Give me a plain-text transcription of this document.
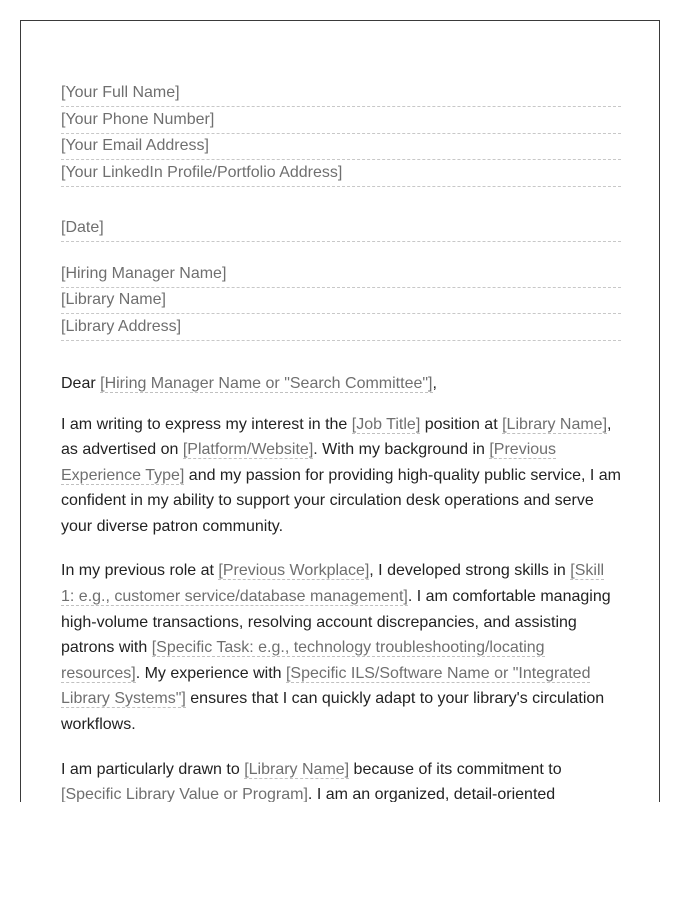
[Your Full Name]
[Your Phone Number]
[Your Email Address]
[Your LinkedIn Profile/Portfolio Address]
[Date]
[Hiring Manager Name]
[Library Name]
[Library Address]
Dear [Hiring Manager Name or "Search Committee"],

I am writing to express my interest in the [Job Title] position at [Library Name], as advertised on [Platform/Website]. With my background in [Previous Experience Type] and my passion for providing high-quality public service, I am confident in my ability to support your circulation desk operations and serve your diverse patron community.

In my previous role at [Previous Workplace], I developed strong skills in [Skill 1: e.g., customer service/database management]. I am comfortable managing high-volume transactions, resolving account discrepancies, and assisting patrons with [Specific Task: e.g., technology troubleshooting/locating resources]. My experience with [Specific ILS/Software Name or "Integrated Library Systems"] ensures that I can quickly adapt to your library's circulation workflows.

I am particularly drawn to [Library Name] because of its commitment to [Specific Library Value or Program]. I am an organized, detail-oriented
